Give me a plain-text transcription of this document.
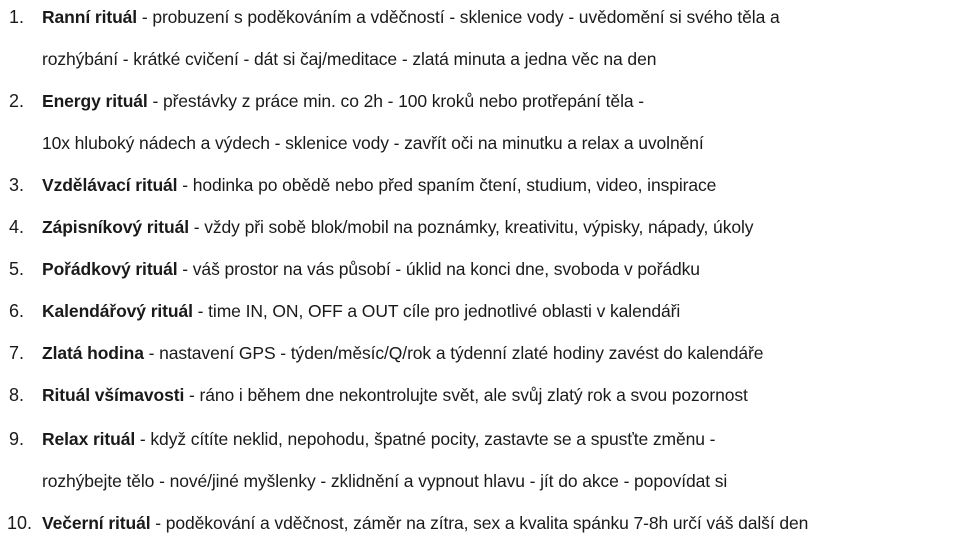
1.	Ranní rituál - probuzení s poděkováním a vděčností - sklenice vody - uvědomění si svého těla a
rozhýbání - krátké cvičení - dát si čaj/meditace - zlatá minuta a jedna věc na den
2.	Energy rituál - přestávky z práce min. co 2h - 100 kroků nebo protřepání těla -
10x hluboký nádech a výdech - sklenice vody - zavřít oči na minutku a relax a uvolnění
3.	Vzdělávací rituál - hodinka po obědě nebo před spaním čtení, studium, video, inspirace
4.	Zápisníkový rituál - vždy při sobě blok/mobil na poznámky, kreativitu, výpisky, nápady, úkoly
5.	Pořádkový rituál - váš prostor na vás působí - úklid na konci dne, svoboda v pořádku
6.	Kalendářový rituál - time IN, ON, OFF a OUT cíle pro jednotlivé oblasti v kalendáři
7.	Zlatá hodina - nastavení GPS - týden/měsíc/Q/rok a týdenní zlaté hodiny zavést do kalendáře
8.	Rituál všímavosti - ráno i během dne nekontrolujte svět, ale svůj zlatý rok a svou pozornost
9.	Relax rituál - když cítíte neklid, nepohodu, špatné pocity, zastavte se a spusťte změnu -
rozhýbejte tělo - nové/jiné myšlenky - zklidnění a vypnout hlavu - jít do akce - popovídat si
10. Večerní rituál - poděkování a vděčnost, záměr na zítra, sex a kvalita spánku 7-8h určí váš další den
